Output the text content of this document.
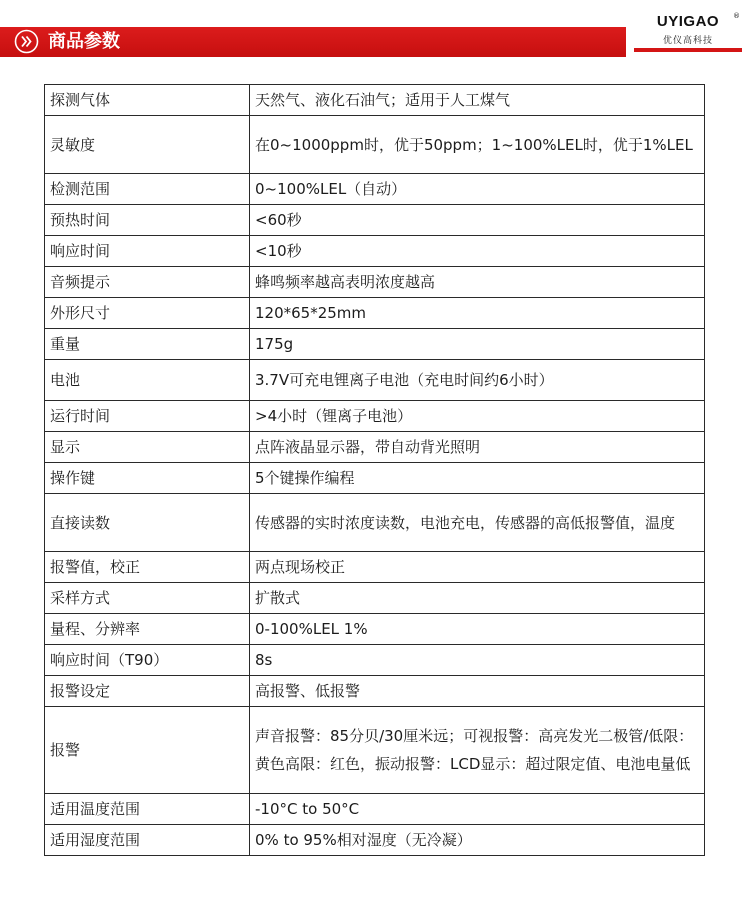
商品参数
UYIGAO	®
优仪高科技
探测气体	天然气、液化石油气；适用于人工煤气
灵敏度	在0~1000ppm时，优于50ppm；1~100%LEL时，优于1%LEL
检测范围	0~100%LEL（自动）
预热时间	<60秒
响应时间	<10秒
音频提示	蜂鸣频率越高表明浓度越高
外形尺寸	120*65*25mm
重量	175g
电池	3.7V可充电锂离子电池（充电时间约6小时）
运行时间	>4小时（锂离子电池）
显示	点阵液晶显示器，带自动背光照明
操作键	5个键操作编程
直接读数	传感器的实时浓度读数，电池充电，传感器的高低报警值，温度
报警值，校正	两点现场校正
采样方式	扩散式
量程、分辨率	0-100%LEL 1%
响应时间（T90）	8s
报警设定	高报警、低报警
报警	声音报警：85分贝/30厘米远；可视报警：高亮发光二极管/低限：黄色高限：红色，振动报警：LCD显示：超过限定值、电池电量低
适用温度范围	-10°C to 50°C
适用湿度范围	0% to 95%相对湿度（无冷凝）
